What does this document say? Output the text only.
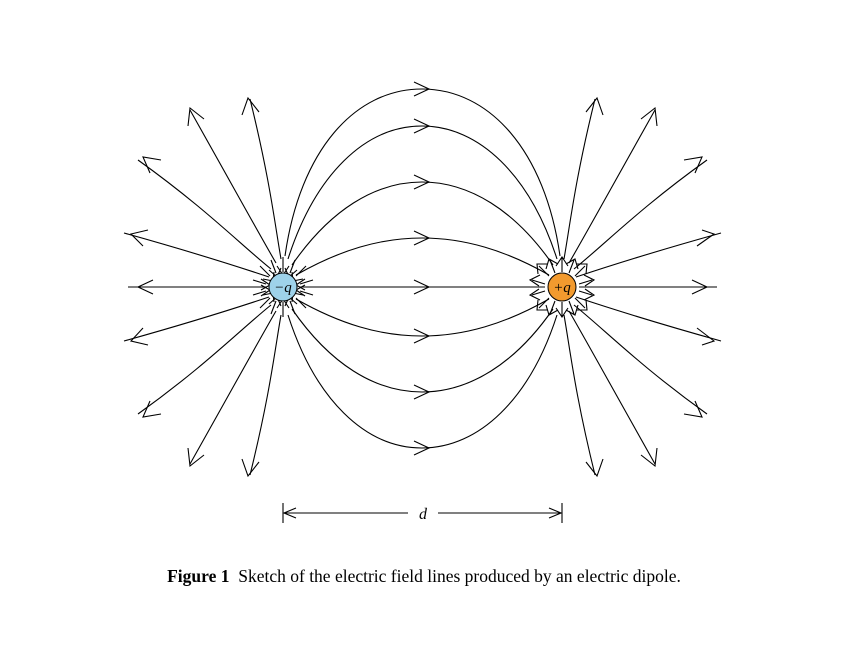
−q	+q
d
Figure 1 Sketch of the electric field lines produced by an electric dipole.
